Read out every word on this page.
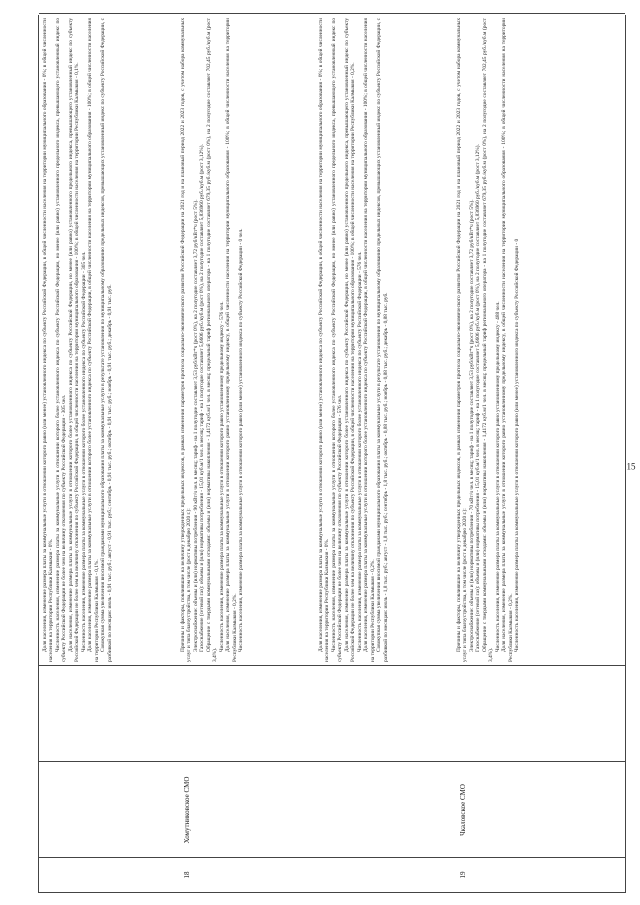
Доля населения, изменение размера платы за коммунальные услуги в отношении которого равно (или менее) установленного индекса по субъекту Российской Федерации, в общей численности населения на территории муниципального образования - 0%; в общей численности населения на территории Республики Калмыкия - 0%. Численность населения, изменение размера платы за коммунальные услуги в отношении которого более установленного индекса по субъекту Российской Федерации, но менее (или равно) установленного предельного индекса, превышающего установленный индекс по субъекту Российской Федерации не более чем на величину отклонения по субъекту Российской Федерации - 305 чел. Доля населения, изменение размера платы за коммунальные услуги в отношении которого более установленного индекса по субъекту Российской Федерации, но менее (или равно) установленного предельного индекса, превышающего установленный индекс по субъекту Российской Федерации не более чем на величину отклонения по субъекту Российской Федерации, в общей численности населения на территории муниципального образования - 100%; в общей численности населения на территории Республики Калмыкия - 0,1%. Численность населения, изменение размера платы за коммунальные услуги в отношении которого более установленного индекса по субъекту Российской Федерации - 305 чел. Доля населения, изменение размера платы за коммунальные услуги в отношении которого более установленного индекса по субъекту Российской Федерации, в общей численности населения на территории муниципального образования - 100%; в общей численности населения на территории Республики Калмыкия - 0,1%. Совокупная сумма увеличения вносимой гражданами муниципального образования платы за коммунальные услуги в результате установления по муниципальному образованию предельных индексов, превышающих установленный индекс по субъекту Российской Федерации, с разбивкой по месяцам: июль - 0,91 тыс. руб.; август - 0,91 тыс. руб.; сентябрь - 0,91 тыс. руб.; октябрь - 0,91 тыс. руб.; ноябрь - 0,91 тыс. руб.; декабрь - 0,91 тыс. руб.

18
Хомутниковское СМО

Причины и факторы, повлиявшие на величину утвержденных предельных индексов, в рамках изменения параметров прогноза социально-экономического развития Российской Федерации на 2021 год и на плановый период 2022 и 2023 годов, с учетом набора коммунальных услуг и типа благоустройства, в том числе (рост к декабрю 2020 г.): Электроснабжение: объемы и (или) нормативы потребления - 90 кВт/ч чел. в месяц; тариф - на 1 полугодие составляет 3,53 руб/кВт*ч (рост 0%), на 2 полугодие составляет 3,72 руб/кВт*ч (рост 5%). Газоснабжение (сетевой газ): объемы и (или) нормативы потребления - 15,01 куб.м/1 чел. в месяц; тариф - на 1 полугодие составляет 5,6606 руб./куб.м (рост 0%), на 2 полугодие составляет 5,836960 руб./куб.м (рост 3,12%). Обращение с твердыми коммунальными отходами: объемы и (или) нормативы накопления - 1,4172 куб.м/1 чел. в месяц; предельный тариф регионального оператора - на 1 полугодие составляет 679,35 руб./куб.м (рост 0%), на 2 полугодие составляет 702,45 руб./куб.м (рост 3,4%).

Численность населения, изменение размера платы за коммунальные услуги в отношении которого равно установленному предельному индексу - 576 чел. Доля населения, изменение размера платы за коммунальные услуги в отношении которого равно установленному предельному индексу, в общей численности населения на территории муниципального образования - 100%; в общей численности населения на территории Республики Калмыкия - 0,2%. Численность населения, изменение размера платы за коммунальные услуги в отношении которого равно (или менее) установленного индекса по субъекту Российской Федерации - 0 чел.	Доля населения, изменение размера платы за коммунальные услуги в отношении которого равно (или менее) установленного индекса по субъекту Российской Федерации, в общей численности населения на территории муниципального образования - 0%; в общей численности населения на территории Республики Калмыкия - 0%. Численность населения, изменение размера платы за коммунальные услуги в отношении которого более установленного индекса по субъекту Российской Федерации, но менее (или равно) установленного предельного индекса, превышающего установленный индекс по субъекту Российской Федерации не более чем на величину отклонения по субъекту Российской Федерации - 576 чел. Доля населения, изменение размера платы за коммунальные услуги в отношении которого более установленного индекса по субъекту Российской Федерации, но менее (или равно) установленного предельного индекса, превышающего установленный индекс по субъекту Российской Федерации не более чем на величину отклонения по субъекту Российской Федерации, в общей численности населения на территории муниципального образования - 100%; в общей численности населения на территории Республики Калмыкия - 0,2%. Численность населения, изменение размера платы за коммунальные услуги в отношении которого более установленного индекса по субъекту Российской Федерации - 576 чел. Доля населения, изменение размера платы за коммунальные услуги в отношении которого более установленного индекса по субъекту Российской Федерации, в общей численности населения на территории муниципального образования - 100%; в общей численности населения на территории Республики Калмыкия - 0,2%. Совокупная сумма увеличения вносимой гражданами муниципального образования платы за коммунальные услуги в результате установления по муниципальному образованию предельных индексов, превышающих установленный индекс по субъекту Российской Федерации, с разбивкой по месяцам: июль - 1,8 тыс. руб.; август - 1,8 тыс. руб.; сентябрь - 1,8 тыс. руб.; октябрь - 0,88 тыс. руб.; ноябрь - 0,88 тыс. руб.; декабрь - 0,88 тыс. руб.

19
Чкаловское СМО

Причины и факторы, повлиявшие на величину утвержденных предельных индексов, в рамках изменения параметров прогноза социально-экономического развития Российской Федерации на 2021 год и на плановый период 2022 и 2023 годов, с учетом набора коммунальных услуг и типа благоустройства, в том числе (рост к декабрю 2020 г.): Электроснабжение: объемы и (или) нормативы потребления - 70 кВт/ч чел. в месяц; тариф - на 1 полугодие составляет 3,53 руб/кВт*ч (рост 0%), на 2 полугодие составляет 3,72 руб/кВт*ч (рост 5%). Газоснабжение (сетевой газ): объемы и (или) нормативы потребления - 15,01 куб.м/1 чел. в месяц; тариф - на 1 полугодие составляет 5,6606 руб./куб.м (рост 0%), на 2 полугодие составляет 5,836960 руб./куб.м (рост 3,12%). Обращение с твердыми коммунальными отходами: объемы и (или) нормативы накопления - 1,4172 куб.м/1 чел. в месяц; предельный тариф регионального оператора - на 1 полугодие составляет 679,35 руб./куб.м (рост 0%), на 2 полугодие составляет 702,45 руб./куб.м (рост 3,4%).

Численность населения, изменение размера платы за коммунальные услуги в отношении которого равно установленному предельному индексу - 488 чел. Доля населения, изменение размера платы за коммунальные услуги в отношении которого равно установленному предельному индексу, в общей численности населения на территории муниципального образования - 100%; в общей численности населения на территории Республики Калмыкия - 0,2%. Численность населения, изменение размера платы за коммунальные услуги в отношении которого равно (или менее) установленного индекса по субъекту Российской Федерации - 0	15
